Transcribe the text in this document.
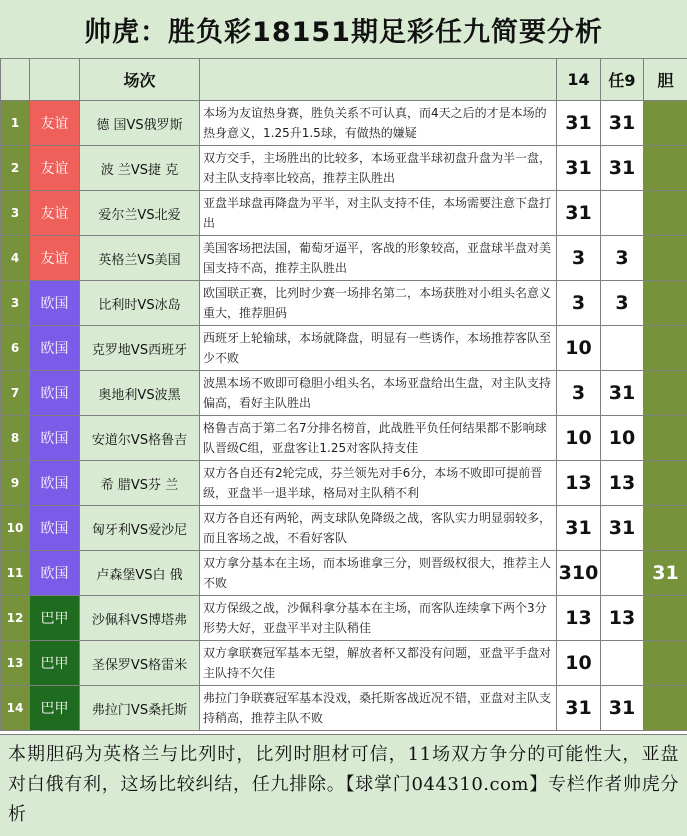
帅虎：胜负彩18151期足彩任九简要分析
		场次		14	任9	胆
1	友谊	德 国VS俄罗斯	本场为友谊热身赛，胜负关系不可认真，而4天之后的才是本场的热身意义，1.25升1.5球，有做热的嫌疑	31	31	
2	友谊	波 兰VS捷 克	双方交手，主场胜出的比较多，本场亚盘半球初盘升盘为半一盘，对主队支持率比较高，推荐主队胜出	31	31	
3	友谊	爱尔兰VS北爱	亚盘半球盘再降盘为平半，对主队支持不佳，本场需要注意下盘打出	31		
4	友谊	英格兰VS美国	美国客场把法国，葡萄牙逼平，客战的形象较高，亚盘球半盘对美国支持不高，推荐主队胜出	3	3	
3	欧国	比利时VS冰岛	欧国联正赛，比列时少赛一场排名第二，本场获胜对小组头名意义重大，推荐胆码	3	3	
6	欧国	克罗地VS西班牙	西班牙上轮输球，本场就降盘，明显有一些诱作，本场推荐客队至少不败	10		
7	欧国	奥地利VS波黑	波黑本场不败即可稳胆小组头名，本场亚盘给出生盘，对主队支持偏高，看好主队胜出	3	31	
8	欧国	安道尔VS格鲁吉	格鲁吉高于第二名7分排名榜首，此战胜平负任何结果都不影响球队晋级C组，亚盘客让1.25对客队持支佳	10	10	
9	欧国	希 腊VS芬 兰	双方各自还有2轮完成，芬兰领先对手6分，本场不败即可提前晋级，亚盘半一退半球，格局对主队稍不利	13	13	
10	欧国	匈牙利VS爱沙尼	双方各自还有两轮，两支球队免降级之战，客队实力明显弱较多，而且客场之战，不看好客队	31	31	
11	欧国	卢森堡VS白 俄	双方拿分基本在主场，而本场谁拿三分，则晋级权很大，推荐主人不败	310		31
12	巴甲	沙佩科VS博塔弗	双方保级之战，沙佩科拿分基本在主场，而客队连续拿下两个3分形势大好，亚盘平半对主队稍佳	13	13	
13	巴甲	圣保罗VS格雷米	双方拿联赛冠军基本无望，解放者杯又都没有问题，亚盘平手盘对主队持不欠佳	10		
14	巴甲	弗拉门VS桑托斯	弗拉门争联赛冠军基本没戏，桑托斯客战近况不错，亚盘对主队支持稍高，推荐主队不败	31	31	
本期胆码为英格兰与比列时，比列时胆材可信，11场双方争分的可能性大，亚盘对白俄有利，这场比较纠结，任九排除。【球掌门044310.com】专栏作者帅虎分析
